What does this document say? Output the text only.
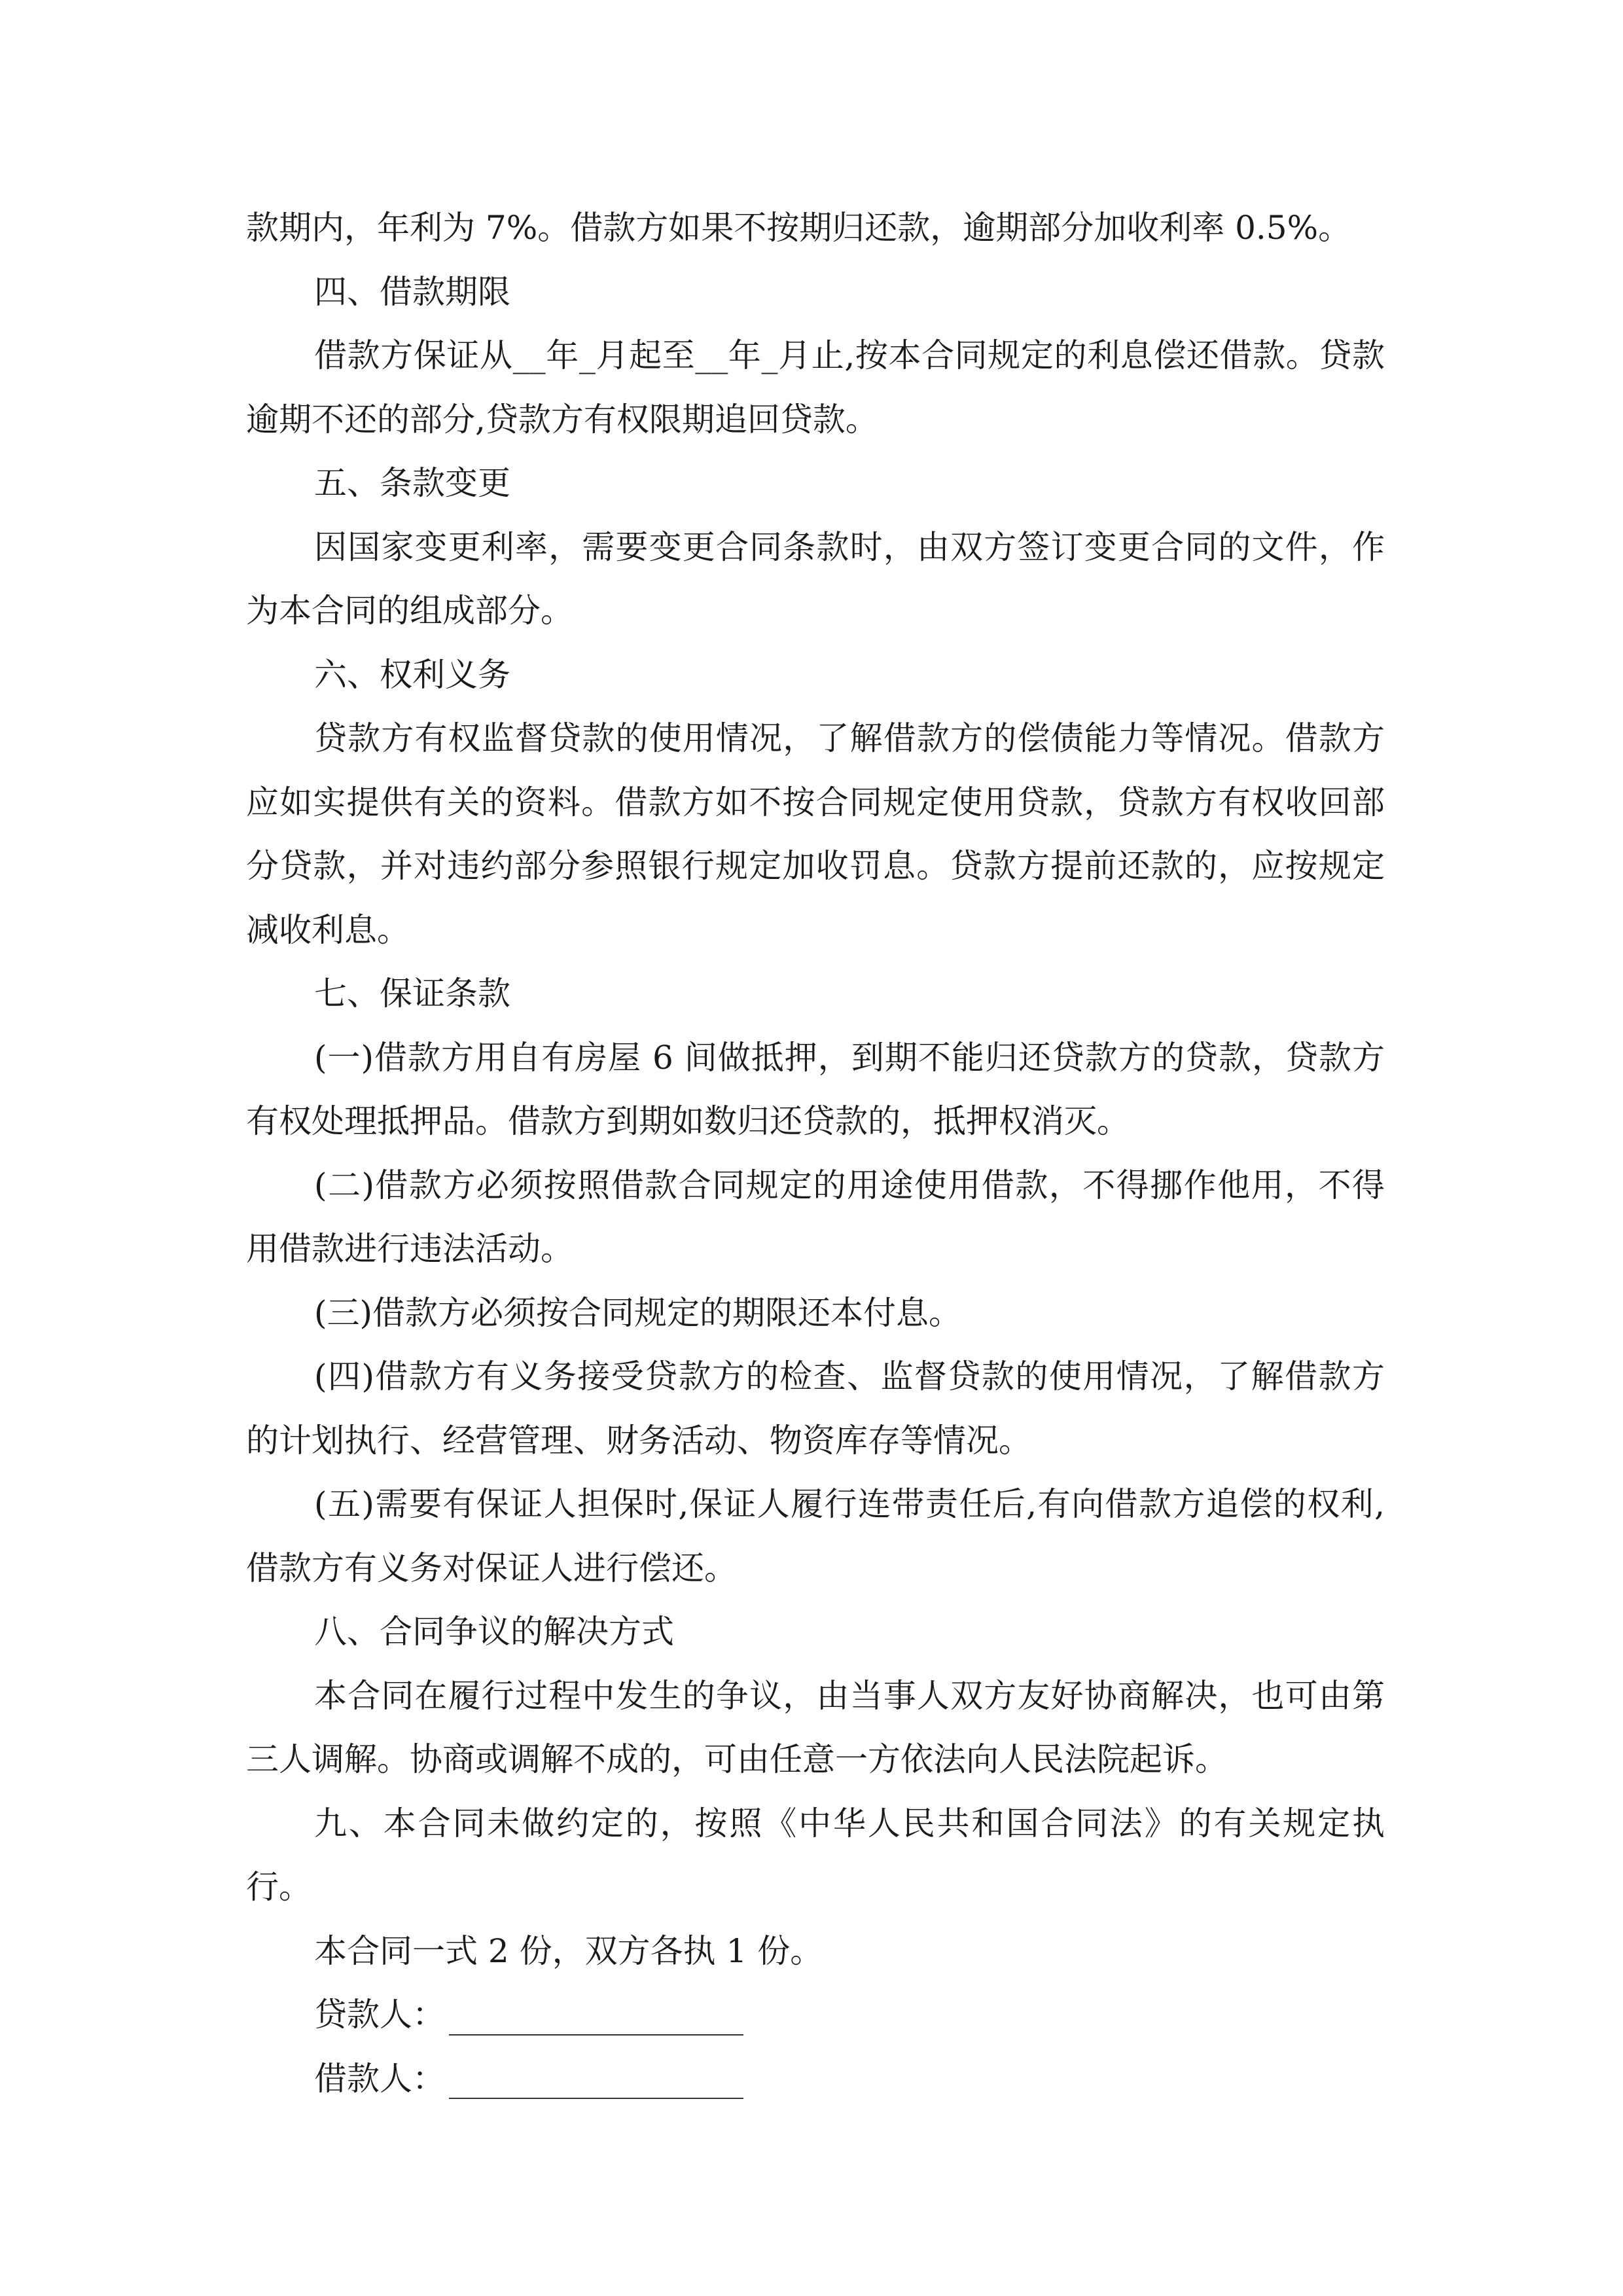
款期内，年利为 7%。借款方如果不按期归还款，逾期部分加收利率 0.5%。

四、借款期限

借款方保证从__年_月起至__年_月止,按本合同规定的利息偿还借款。贷款逾期不还的部分,贷款方有权限期追回贷款。

五、条款变更

因国家变更利率，需要变更合同条款时，由双方签订变更合同的文件，作为本合同的组成部分。

六、权利义务

贷款方有权监督贷款的使用情况，了解借款方的偿债能力等情况。借款方应如实提供有关的资料。借款方如不按合同规定使用贷款，贷款方有权收回部分贷款，并对违约部分参照银行规定加收罚息。贷款方提前还款的，应按规定减收利息。

七、保证条款

(一)借款方用自有房屋 6 间做抵押，到期不能归还贷款方的贷款，贷款方有权处理抵押品。借款方到期如数归还贷款的，抵押权消灭。

(二)借款方必须按照借款合同规定的用途使用借款，不得挪作他用，不得用借款进行违法活动。

(三)借款方必须按合同规定的期限还本付息。

(四)借款方有义务接受贷款方的检查、监督贷款的使用情况，了解借款方的计划执行、经营管理、财务活动、物资库存等情况。

(五)需要有保证人担保时,保证人履行连带责任后,有向借款方追偿的权利,借款方有义务对保证人进行偿还。

八、合同争议的解决方式

本合同在履行过程中发生的争议，由当事人双方友好协商解决，也可由第三人调解。协商或调解不成的，可由任意一方依法向人民法院起诉。

九、本合同未做约定的，按照《中华人民共和国合同法》的有关规定执行。

本合同一式 2 份，双方各执 1 份。

贷款人：
借款人：
